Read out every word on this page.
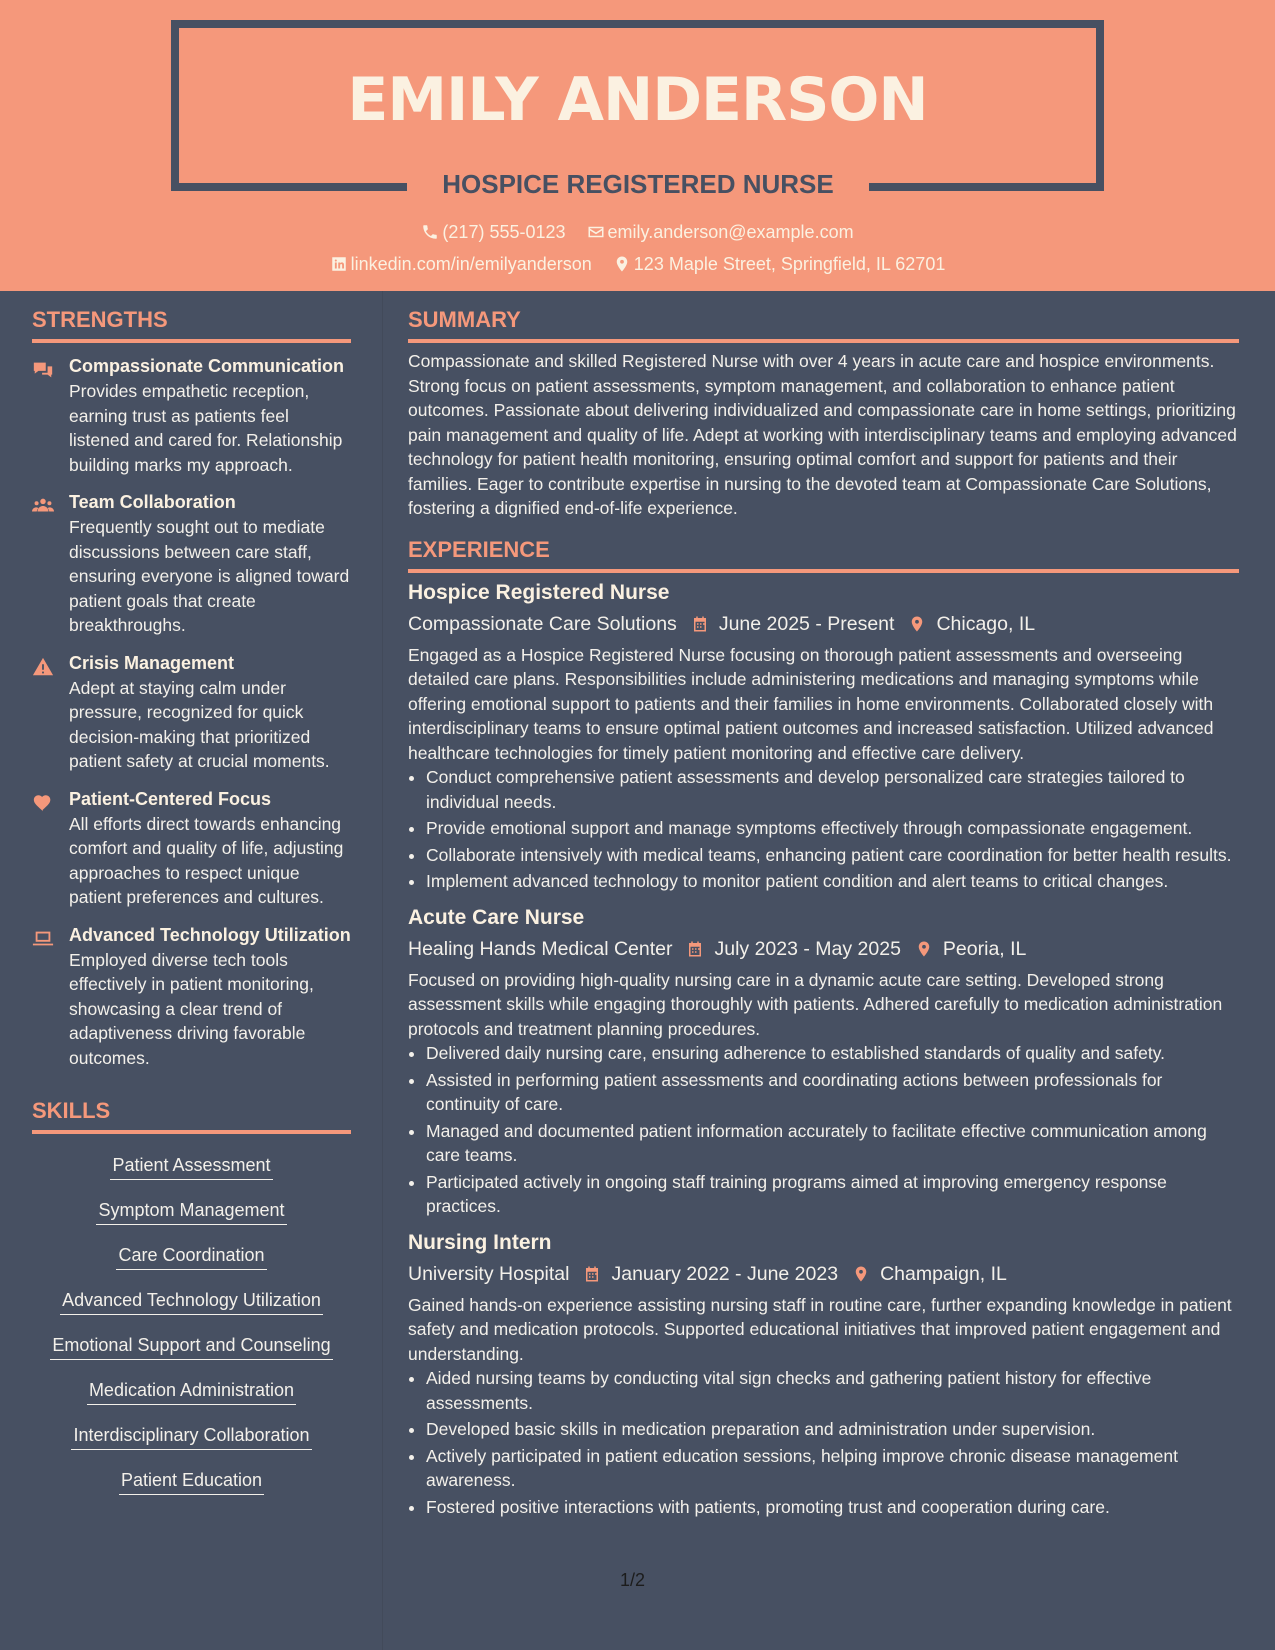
EMILY ANDERSON
HOSPICE REGISTERED NURSE
(217) 555-0123 emily.anderson@example.com
linkedin.com/in/emilyanderson 123 Maple Street, Springfield, IL 62701
STRENGTHS
Compassionate Communication
Provides empathetic reception, earning trust as patients feel listened and cared for. Relationship building marks my approach.
Team Collaboration
Frequently sought out to mediate discussions between care staff, ensuring everyone is aligned toward patient goals that create breakthroughs.
Crisis Management
Adept at staying calm under pressure, recognized for quick decision-making that prioritized patient safety at crucial moments.
Patient-Centered Focus
All efforts direct towards enhancing comfort and quality of life, adjusting approaches to respect unique patient preferences and cultures.
Advanced Technology Utilization
Employed diverse tech tools effectively in patient monitoring, showcasing a clear trend of adaptiveness driving favorable outcomes.
SKILLS
Patient Assessment
Symptom Management
Care Coordination
Advanced Technology Utilization
Emotional Support and Counseling
Medication Administration
Interdisciplinary Collaboration
Patient Education
SUMMARY
Compassionate and skilled Registered Nurse with over 4 years in acute care and hospice environments. Strong focus on patient assessments, symptom management, and collaboration to enhance patient outcomes. Passionate about delivering individualized and compassionate care in home settings, prioritizing pain management and quality of life. Adept at working with interdisciplinary teams and employing advanced technology for patient health monitoring, ensuring optimal comfort and support for patients and their families. Eager to contribute expertise in nursing to the devoted team at Compassionate Care Solutions, fostering a dignified end-of-life experience.
EXPERIENCE
Hospice Registered Nurse
Compassionate Care Solutions June 2025 - Present Chicago, IL
Engaged as a Hospice Registered Nurse focusing on thorough patient assessments and overseeing detailed care plans. Responsibilities include administering medications and managing symptoms while offering emotional support to patients and their families in home environments. Collaborated closely with interdisciplinary teams to ensure optimal patient outcomes and increased satisfaction. Utilized advanced healthcare technologies for timely patient monitoring and effective care delivery.
• Conduct comprehensive patient assessments and develop personalized care strategies tailored to individual needs.
• Provide emotional support and manage symptoms effectively through compassionate engagement.
• Collaborate intensively with medical teams, enhancing patient care coordination for better health results.
• Implement advanced technology to monitor patient condition and alert teams to critical changes.
Acute Care Nurse
Healing Hands Medical Center July 2023 - May 2025 Peoria, IL
Focused on providing high-quality nursing care in a dynamic acute care setting. Developed strong assessment skills while engaging thoroughly with patients. Adhered carefully to medication administration protocols and treatment planning procedures.
• Delivered daily nursing care, ensuring adherence to established standards of quality and safety.
• Assisted in performing patient assessments and coordinating actions between professionals for continuity of care.
• Managed and documented patient information accurately to facilitate effective communication among care teams.
• Participated actively in ongoing staff training programs aimed at improving emergency response practices.
Nursing Intern
University Hospital January 2022 - June 2023 Champaign, IL
Gained hands-on experience assisting nursing staff in routine care, further expanding knowledge in patient safety and medication protocols. Supported educational initiatives that improved patient engagement and understanding.
• Aided nursing teams by conducting vital sign checks and gathering patient history for effective assessments.
• Developed basic skills in medication preparation and administration under supervision.
• Actively participated in patient education sessions, helping improve chronic disease management awareness.
• Fostered positive interactions with patients, promoting trust and cooperation during care.
1/2
